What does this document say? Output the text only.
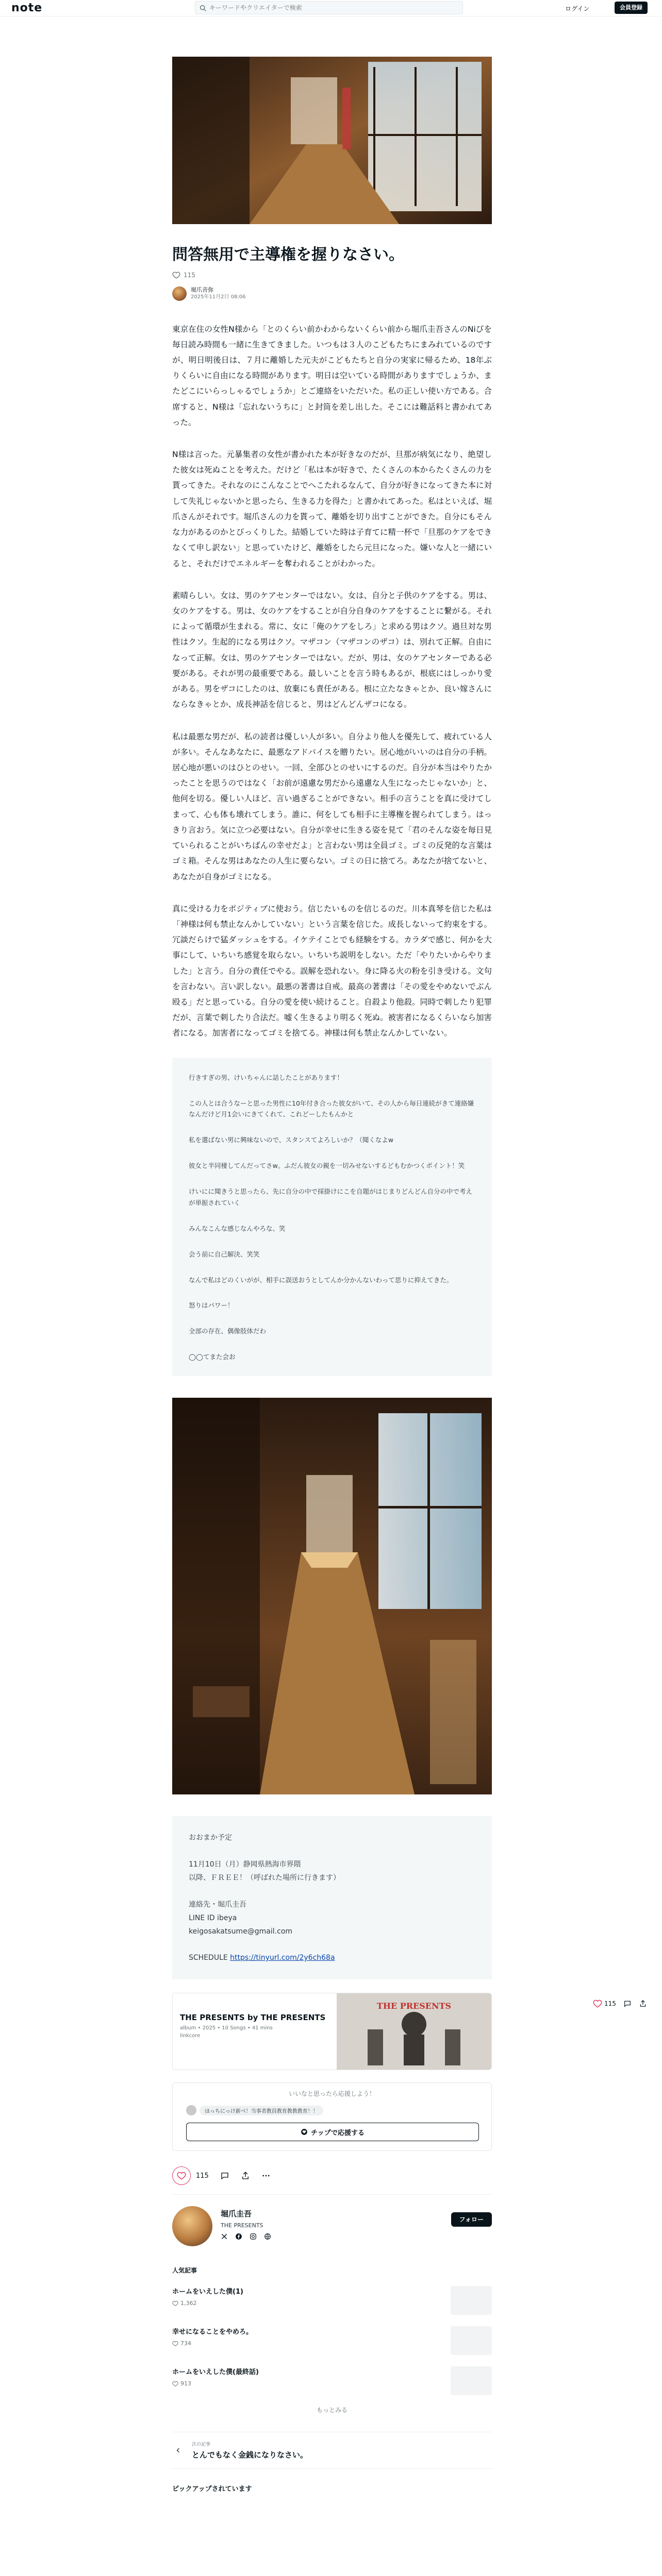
note
キーワードやクリエイターで検索	ログイン	会員登録
問答無用で主導権を握りなさい。
115
堀爪音弥
2025年11月2日 08:06

東京在住の女性N様から「とのくらい前かわからないくらい前から堀爪圭吾さんのNiびを毎日読み時間も一緒に生きてきました。いつもは３人のこどもたちにまみれているのですが、明日明後日は、７月に離婚した元夫がこどもたちと自分の実家に帰るため、18年ぶりくらいに自由になる時間があります。明日は空いている時間がありますでしょうか、またどこにいらっしゃるでしょうか」とご連絡をいただいた。私の正しい使い方である。合席すると、N様は「忘れないうちに」と封筒を差し出した。そこには難話料と書かれてあった。

N様は言った。元暴集者の女性が書かれた本が好きなのだが、旦那が病気になり、絶望した彼女は死ぬことを考えた。だけど「私は本が好きで、たくさんの本からたくさんの力を貰ってきた。それなのにこんなことでへこたれるなんて、自分が好きになってきた本に対して失礼じゃないかと思ったら、生きる力を得た」と書かれてあった。私はといえば、堀爪さんがそれです。堀爪さんの力を貰って、離婚を切り出すことができた。自分にもそんな力があるのかとびっくりした。結婚していた時は子育てに精一杯で「旦那のケアをできなくて申し訳ない」と思っていたけど、離婚をしたら元旦になった。嫌いな人と一緒にいると、それだけでエネルギーを奪われることがわかった。

素晴らしい。女は、男のケアセンターではない。女は、自分と子供のケアをする。男は、女のケアをする。男は、女のケアをすることが自分自身のケアをすることに繋がる。それによって循環が生まれる。常に、女に「俺のケアをしろ」と求める男はクソ。過旦対な男性はクソ。生起的になる男はクソ。マザコン（マザコンのザコ）は、別れて正解。自由になって正解。女は、男のケアセンターではない。だが、男は、女のケアセンターである必要がある。それが男の最重要である。最しいことを言う時もあるが、根底にはしっかり愛がある。男をザコにしたのは、放棄にも責任がある。根に立たなきゃとか、良い嫁さんにならなきゃとか、成長神話を信じると、男はどんどんザコになる。

私は最悪な男だが、私の読者は優しい人が多い。自分より他人を優先して、疲れている人が多い。そんなあなたに、最悪なアドバイスを贈りたい。居心地がいいのは自分の手柄。居心地が悪いのはひとのせい。一回、全部ひとのせいにするのだ。自分が本当はやりたかったことを思うのではなく「お前が遠慮な男だから遠慮な人生になったじゃないか」と、他何を切る。優しい人ほど、言い過ぎることができない。相手の言うことを真に受けてしまって、心も体も壊れてしまう。誰に、何をしても相手に主導権を握られてしまう。はっきり言おう。気に立つ必要はない。自分が幸せに生きる姿を見て「君のそんな姿を毎日見ていられることがいちばんの幸せだよ」と言わない男は全員ゴミ。ゴミの反発的な言葉はゴミ箱。そんな男はあなたの人生に要らない。ゴミの日に捨てろ。あなたが捨てないと、あなたが自身がゴミになる。

真に受ける力をポジティブに使おう。信じたいものを信じるのだ。川本真琴を信じた私は「神様は何も禁止なんかしていない」という言葉を信じた。成長しないって約束をする。冗談だらけで猛ダッシュをする。イケテイことでも経験をする。カラダで感じ、何かを大事にして、いちいち感覚を取らない。いちいち説明をしない。ただ「やりたいからやりました」と言う。自分の責任でやる。誤解を恐れない。身に降る火の粉を引き受ける。文句を言わない。言い訳しない。最悪の著書は自戒。最高の著書は「その愛をやめないでぶん殴る」だと思っている。自分の愛を使い続けること。自殺より他殺。同時で刺したり犯罪だが、言葉で刺したり合法だ。嘘く生きるより明るく死ぬ。被害者になるくらいなら加害者になる。加害者になってゴミを捨てる。神様は何も禁止なんかしていない。

行きすぎの男、けいちゃんに話したことがあります！

この人とは合うなーと思った男性に10年付き合った彼女がいて、その人から毎日連続がきて連絡嫌なんだけど月1会いにきてくれて、これどーしたもんかと

私を選ばない男に興味ないので、スタンスてよろしいか？（聞くなよw

彼女と半同棲してんだってさw。ふだん彼女の親を一切みせないするどもむかつくポイント！笑

けいにに聞きうと思ったら、先に自分の中で採掛けにこを自題がはじまりどんどん自分の中で考えが単振されていく

みんなこんな感じなんやろな、笑

会う前に自己解決、笑笑

なんで私はどのくいがが、相手に誤送おうとしてんか分かんないわって思りに抑えてきた。

怒りはパワー！

全部の存在、偶像肢体だわ

◯◯てまた会お

おおまか予定
11月10日（月）静岡県熱海市界隈
以降、ＦＲＥＥ！（呼ばれた場所に行きます）
連絡先・堀爪圭吾
LINE ID ibeya
keigosakatsume@gmail.com
SCHEDULE https://tinyurl.com/2y6ch68a
THE PRESENTS by THE PRESENTS
album • 2025 • 10 Songs • 41 mins
linkcore
THE PRESENTS
いいなと思ったら応援しよう！
ほっちにっけ新ベ！当事者教員教育教教教育！！
チップで応援する
115
堀爪圭吾
THE PRESENTS
フォロー
人気記事
ホームをいえした僕(1)
1,362
幸せになることをやめろ。
734
ホームをいえした僕(最終話)
913
もっとみる
次の記事
とんでもなく金銭になりなさい。
ピックアップされています
115
